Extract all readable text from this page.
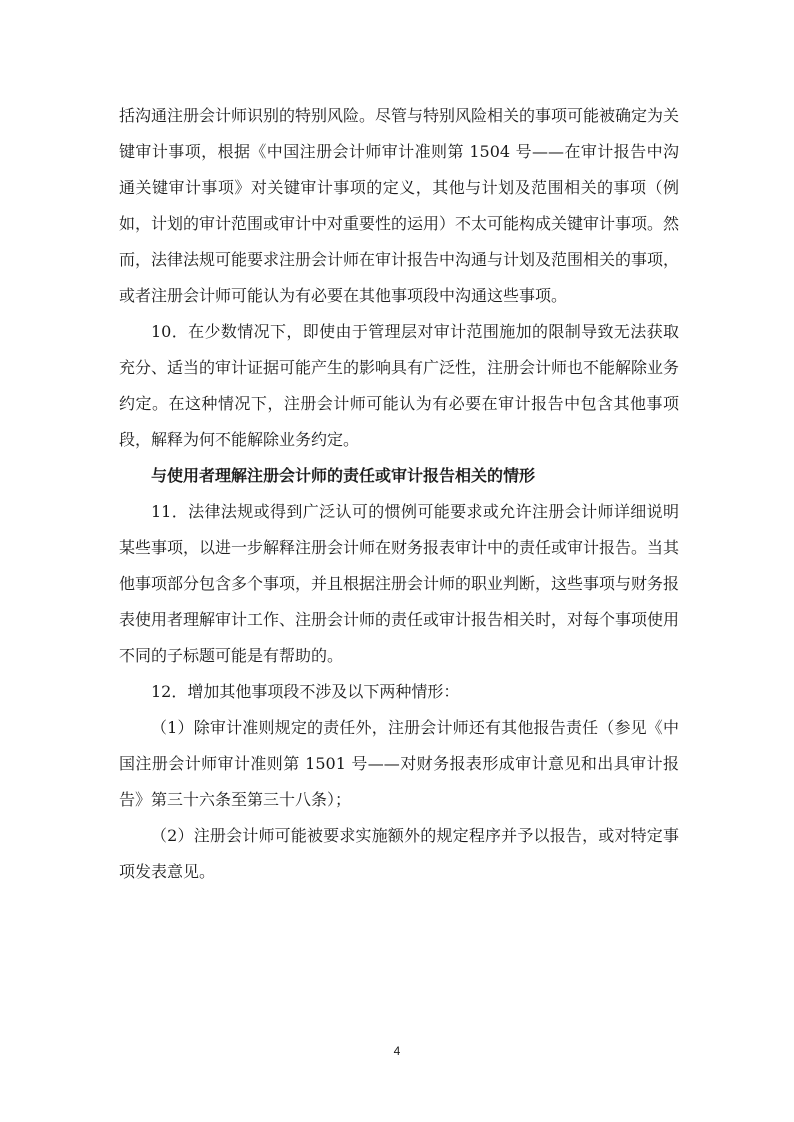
括沟通注册会计师识别的特别风险。尽管与特别风险相关的事项可能被确定为关键审计事项，根据《中国注册会计师审计准则第 1504 号——在审计报告中沟通关键审计事项》对关键审计事项的定义，其他与计划及范围相关的事项（例如，计划的审计范围或审计中对重要性的运用）不太可能构成关键审计事项。然而，法律法规可能要求注册会计师在审计报告中沟通与计划及范围相关的事项，或者注册会计师可能认为有必要在其他事项段中沟通这些事项。

10．在少数情况下，即使由于管理层对审计范围施加的限制导致无法获取充分、适当的审计证据可能产生的影响具有广泛性，注册会计师也不能解除业务约定。在这种情况下，注册会计师可能认为有必要在审计报告中包含其他事项段，解释为何不能解除业务约定。

与使用者理解注册会计师的责任或审计报告相关的情形

11．法律法规或得到广泛认可的惯例可能要求或允许注册会计师详细说明某些事项，以进一步解释注册会计师在财务报表审计中的责任或审计报告。当其他事项部分包含多个事项，并且根据注册会计师的职业判断，这些事项与财务报表使用者理解审计工作、注册会计师的责任或审计报告相关时，对每个事项使用不同的子标题可能是有帮助的。

12．增加其他事项段不涉及以下两种情形：

（1）除审计准则规定的责任外，注册会计师还有其他报告责任（参见《中国注册会计师审计准则第 1501 号——对财务报表形成审计意见和出具审计报告》第三十六条至第三十八条）；

（2）注册会计师可能被要求实施额外的规定程序并予以报告，或对特定事项发表意见。

4
